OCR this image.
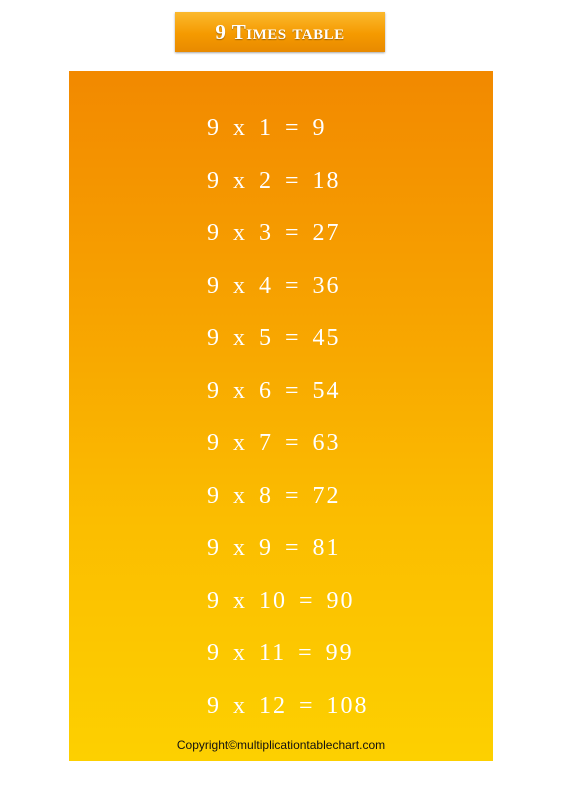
9 Times table
9 x 1 = 9
9 x 2 = 18
9 x 3 = 27
9 x 4 = 36
9 x 5 = 45
9 x 6 = 54
9 x 7 = 63
9 x 8 = 72
9 x 9 = 81
9 x 10 = 90
9 x 11 = 99
9 x 12 = 108
Copyright©multiplicationtablechart.com
